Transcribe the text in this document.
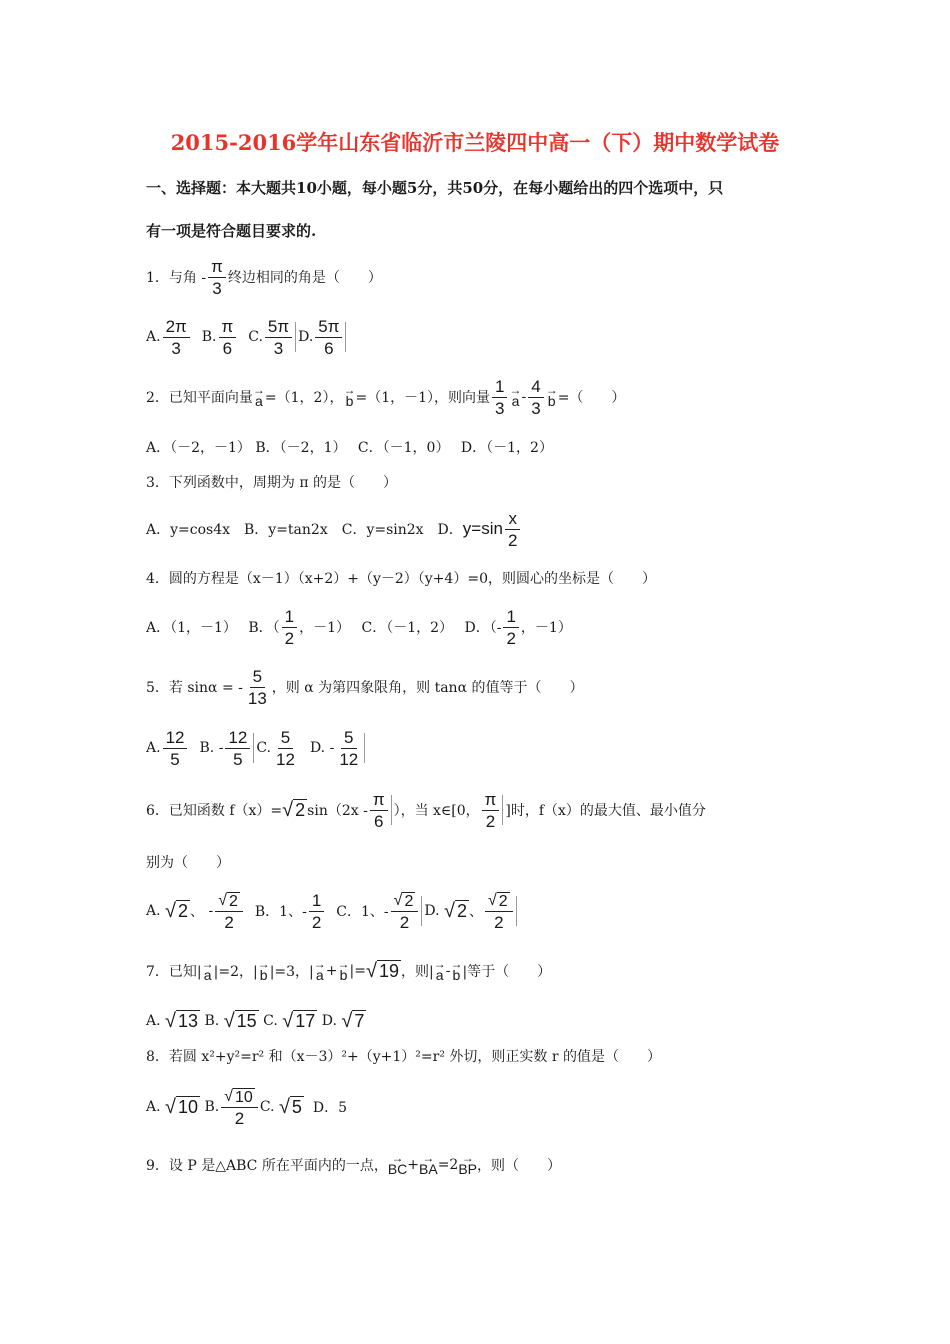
2015-2016学年山东省临沂市兰陵四中高一（下）期中数学试卷
一、选择题：本大题共10小题，每小题5分，共50分，在每小题给出的四个选项中，只
有一项是符合题目要求的.
1．与角 - $\frac{\pi}{3}$ 终边相同的角是（　　）
A. $\frac{2\pi}{3} B$. $\frac{\pi}{6} C$. $\frac{5\pi}{3} D$. $\frac{5\pi}{6}$
2．已知平面向量 →
a =（1，2）， →
b =（1，－1），则向量 $\frac{1}{3}$ →
a - $\frac{4}{3}$ →
b =（　　）
A．（－2，－1） B．（－2，1）　 C．（－1，0）　 D．（－1，2）
3．下列函数中，周期为 π 的是（　　）
A．y=cos4x　B．y=tan2x　C．y=sin2x　D． $y=\sin \frac{x}{2}$
4．圆的方程是（x－1）（x+2）+（y－2）（y+4）=0，则圆心的坐标是（　　）
A．（1，－1）　 B．（ $\frac{1}{2}$ ，－1）　 C．（－1，2）　 D．（- $\frac{1}{2}$ ，－1）
5．若 sinα = - $\frac{5}{13}$ ，则 α 为第四象限角，则 tanα 的值等于（　　）
A. $\frac{12}{5} B$.
- $\frac{12}{5} C$. $\frac{5}{12} D$.
- $\frac{5}{12}$
6．已知函数 f（x）= √ 2 $\sin(2x - \frac{\pi}{6}$ ），当 x∈[0， $\frac{\pi}{2}$ ]时，f（x）的最大值、最小值分
别为（　　）
A.
√ 2 、
- $\frac{√ 2}{2}$ B．1、- $\frac{1}{2}$ C．1、- $\frac{√ 2}{2} D$.
√ 2 、 $\frac{√ 2}{2}$
7．已知| →
a |=2，| →
b |=3，| →
a + →
b |= √ 19 ，则| →
a - →
b |等于（　　）
A.
√ 13
B.
√ 15
C.
√ 17
D.
√ 7
8．若圆 x²+y²=r² 和（x－3）²+（y+1）²=r² 外切，则正实数 r 的值是（　　）
A.
√ 10
B. $\frac{√ 10}{2} C$.
√ 5
D．5
9．设 P 是△ABC 所在平面内的一点， →
BC + →
BA =2 →
BP ，则（　　）
